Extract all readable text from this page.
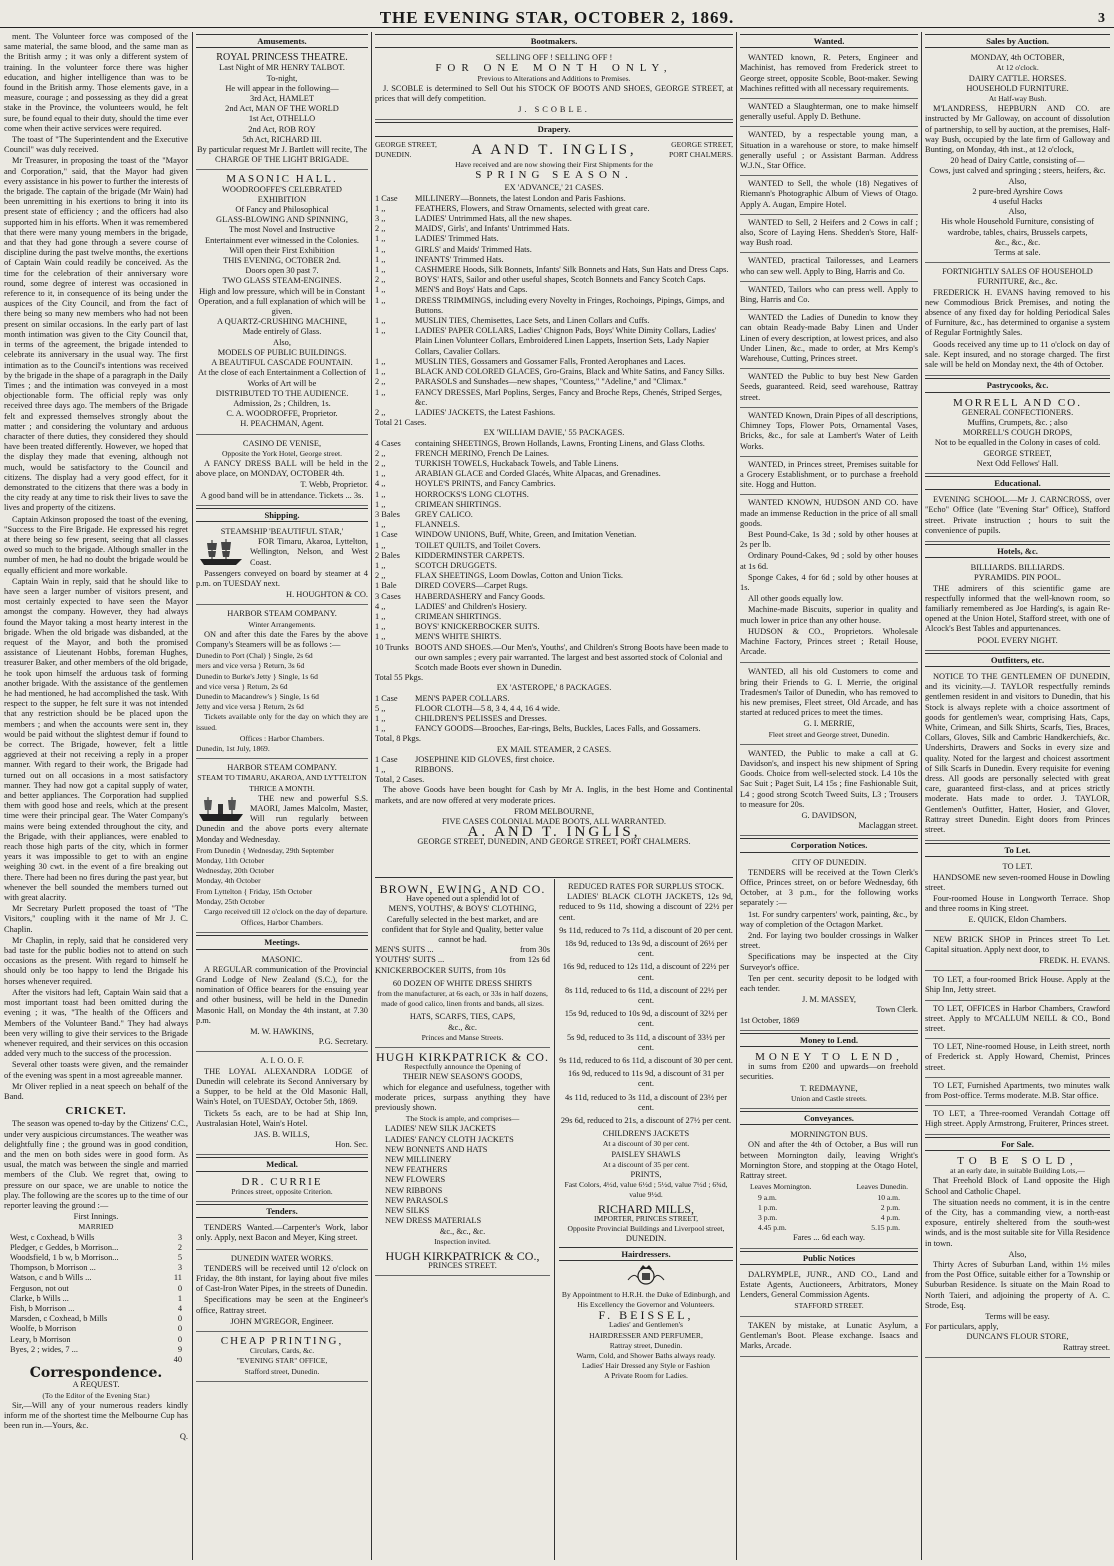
THE EVENING STAR, OCTOBER 2, 1869.	3

ment. The Volunteer force was composed of the same material, the same blood, and the same man as the British army ; it was only a different system of training. In the volunteer force there was higher education, and higher intelligence than was to be found in the British army. Those elements gave, in a measure, courage ; and possessing as they did a great stake in the Province, the volunteers would, he felt sure, be found equal to their duty, should the time ever come when their active services were required.

The toast of "The Superintendent and the Executive Council" was duly received.

Mr Treasurer, in proposing the toast of the "Mayor and Corporation," said, that the Mayor had given every assistance in his power to further the interests of the brigade. The captain of the brigade (Mr Wain) had been unremitting in his exertions to bring it into its present state of efficiency ; and the officers had also supported him in his efforts. When it was remembered that there were many young members in the brigade, and that they had gone through a severe course of discipline during the past twelve months, the exertions of Captain Wain could readily be conceived. As the time for the celebration of their anniversary wore round, some degree of interest was occasioned in reference to it, in consequence of its being under the auspices of the City Council, and from the fact of there being so many new members who had not been present on similar occasions. In the early part of last month intimation was given to the City Council that, in terms of the agreement, the brigade intended to celebrate its anniversary in the usual way. The first intimation as to the Council's intentions was received by the brigade in the shape of a paragraph in the Daily Times ; and the intimation was conveyed in a most objectionable form. The official reply was only received three days ago. The members of the Brigade felt and expressed themselves strongly about the matter ; and considering the voluntary and arduous character of there duties, they considered they should have been treated differently. However, we hoped that the display they made that evening, although not much, would be satisfactory to the Council and citizens. The display had a very good effect, for it demonstrated to the citizens that there was a body in the city ready at any time to risk their lives to save the lives and property of the citizens.

Captain Atkinson proposed the toast of the evening, "Success to the Fire Brigade. He expressed his regret at there being so few present, seeing that all classes owed so much to the brigade. Although smaller in the number of men, he had no doubt the brigade would be equally efficient and more workable.

Captain Wain in reply, said that he should like to have seen a larger number of visitors present, and most certainly expected to have seen the Mayor amongst the company. However, they had always found the Mayor taking a most hearty interest in the brigade. When the old brigade was disbanded, at the request of the Mayor, and both the promised assistance of Lieutenant Hobbs, foreman Hughes, treasurer Baker, and other members of the old brigade, he took upon himself the arduous task of forming another brigade. With the assistance of the gentlemen he had mentioned, he had accomplished the task. With respect to the supper, he felt sure it was not intended that any restriction should be be placed upon the members ; and when the accounts were sent in, they would be paid without the slightest demur if found to be correct. The Brigade, however, felt a little aggrieved at their not receiving a reply in a proper manner. With regard to their work, the Brigade had turned out on all occasions in a most satisfactory manner. They had now got a capital supply of water, and better appliances. The Corporation had supplied them with good hose and reels, which at the present time were their principal gear. The Water Company's mains were being extended throughout the city, and the Brigade, with their appliances, were enabled to reach those high parts of the city, which in former years it was impossible to get to with an engine weighing 30 cwt. in the event of a fire breaking out there. There had been no fires during the past year, but whenever the bell sounded the members turned out with great alacrity.

Mr Secretary Purlett proposed the toast of "The Visitors," coupling with it the name of Mr J. C. Chaplin.

Mr Chaplin, in reply, said that he considered very bad taste for the public bodies not to attend on such occasions as the present. With regard to himself he should only be too happy to lend the Brigade his horses whenever required.

After the visitors had left, Captain Wain said that a most important toast had been omitted during the evening ; it was, "The health of the Officers and Members of the Volunteer Band." They had always been very willing to give their services to the Brigade whenever required, and their services on this occasion added very much to the success of the procession.

Several other toasts were given, and the remainder of the evening was spent in a most agreeable manner.

Mr Oliver replied in a neat speech on behalf of the Band.

CRICKET.

The season was opened to-day by the Citizens' C.C., under very auspicious circumstances. The weather was delightfully fine ; the ground was in good condition, and the men on both sides were in good form. As usual, the match was between the single and married members of the Club. We regret that, owing to pressure on our space, we are unable to notice the play. The following are the scores up to the time of our reporter leaving the ground :—

First Innings.
MARRIED
West, c Coxhead, b Wills	3
Pledger, c Geddes, b Morrison...	2
Woodsfield, 1 b w, b Morrison...	5
Thompson, b Morrison ...	3
Watson, c and b Wills ...	11
Ferguson, not out	0
Clarke, b Wills ...	1
Fish, b Morrison ...	4
Marsden, c Coxhead, b Mills	0
Woolfe, b Morrison	0
Leary, b Morrison	0
Byes, 2 ; wides, 7 ...	9
40
Correspondence.
A REQUEST.
(To the Editor of the Evening Star.)

Sir,—Will any of your numerous readers kindly inform me of the shortest time the Melbourne Cup has been run in.—Yours, &c.

Q.
Amusements.
ROYAL PRINCESS THEATRE.
Last Night of MR HENRY TALBOT.
To-night,
He will appear in the following—
3rd Act, HAMLET
2nd Act, MAN OF THE WORLD
1st Act, OTHELLO
2nd Act, ROB ROY
5th Act, RICHARD III.
By particular request Mr J. Bartlett will recite, The
CHARGE OF THE LIGHT BRIGADE.
MASONIC HALL.
WOODROOFFE'S CELEBRATED
EXHIBITION
Of Fancy and Philosophical
GLASS-BLOWING AND SPINNING,
The most Novel and Instructive
Entertainment ever witnessed in the Colonies.
Will open their First Exhibition
THIS EVENING, OCTOBER 2nd.
Doors open 30 past 7.
TWO GLASS STEAM-ENGINES.
High and low pressure, which will be in Constant Operation, and a full explanation of which will be given.
A QUARTZ-CRUSHING MACHINE,
Made entirely of Glass.
Also,
MODELS OF PUBLIC BUILDINGS.
A BEAUTIFUL CASCADE FOUNTAIN.
At the close of each Entertainment a Collection of Works of Art will be
DISTRIBUTED TO THE AUDIENCE.
Admission, 2s ; Children, 1s.
C. A. WOODROFFE, Proprietor.
H. PEACHMAN, Agent.
CASINO DE VENISE,
Opposite the York Hotel, George street.

A FANCY DRESS BALL will be held in the above place, on MONDAY, OCTOBER 4th.

T. Webb, Proprietor.
A good band will be in attendance. Tickets ... 3s.
Shipping.
STEAMSHIP 'BEAUTIFUL STAR,'

FOR Timaru, Akaroa, Lyttelton, Wellington, Nelson, and West Coast.

Passengers conveyed on board by steamer at 4 p.m. on TUESDAY next.

H. HOUGHTON & CO.
HARBOR STEAM COMPANY.
Winter Arrangements.

ON and after this date the Fares by the above Company's Steamers will be as follows :—

Dunedin to Port (Chal) } Single, 2s 6d
mers and vice versa } Return, 3s 6d
Dunedin to Burke's Jetty } Single, 1s 6d
and vice versa } Return, 2s 6d
Dunedin to Macandrew's } Single, 1s 6d
Jetty and vice versa } Return, 2s 6d

Tickets available only for the day on which they are issued.

Offices : Harbor Chambers.
Dunedin, 1st July, 1869.
HARBOR STEAM COMPANY.
STEAM TO TIMARU, AKAROA, AND LYTTELTON
THRICE A MONTH.

THE new and powerful S.S. MAORI, James Malcolm, Master, Will run regularly between Dunedin and the above ports every alternate Monday and Wednesday.

From Dunedin { Wednesday, 29th September
Monday, 11th October
Wednesday, 20th October
Monday, 4th October
From Lyttelton { Friday, 15th October
Monday, 25th October

Cargo received till 12 o'clock on the day of departure.

Offices, Harbor Chambers.
Meetings.
MASONIC.

A REGULAR communication of the Provincial Grand Lodge of New Zealand (S.C.), for the nomination of Office bearers for the ensuing year and other business, will be held in the Dunedin Masonic Hall, on Monday the 4th instant, at 7.30 p.m.

M. W. HAWKINS,
P.G. Secretary.
A. I. O. O. F.

THE LOYAL ALEXANDRA LODGE of Dunedin will celebrate its Second Anniversary by a Supper, to be held at the Old Masonic Hall, Wain's Hotel, on TUESDAY, October 5th, 1869.

Tickets 5s each, are to be had at Ship Inn, Australasian Hotel, Wain's Hotel.

JAS. B. WILLS,
Hon. Sec.
Medical.
DR. CURRIE
Princes street, opposite Criterion.
Tenders.

TENDERS Wanted.—Carpenter's Work, labor only. Apply, next Bacon and Meyer, King street.

DUNEDIN WATER WORKS.

TENDERS will be received until 12 o'clock on Friday, the 8th instant, for laying about five miles of Cast-Iron Water Pipes, in the streets of Dunedin.

Specifications may be seen at the Engineer's office, Rattray street.

JOHN M'GREGOR, Engineer.
CHEAP PRINTING,
Circulars, Cards, &c.
"EVENING STAR" OFFICE,
Stafford street, Dunedin.
Bootmakers.
SELLING OFF ! SELLING OFF !
FOR ONE MONTH ONLY,
Previous to Alterations and Additions to Premises.

J. SCOBLE is determined to Sell Out his STOCK OF BOOTS AND SHOES, GEORGE STREET, at prices that will defy competition.

J. SCOBLE.
Drapery.
GEORGE STREET, DUNEDIN.	A AND T. INGLIS,	GEORGE STREET, PORT CHALMERS.
Have received and are now showing their First Shipments for the
SPRING SEASON.
EX 'ADVANCE,' 21 CASES.
1 Case	MILLINERY—Bonnets, the latest London and Paris Fashions.
1 ,,	FEATHERS, Flowers, and Straw Ornaments, selected with great care.
3 ,,	LADIES' Untrimmed Hats, all the new shapes.
2 ,,	MAIDS', Girls', and Infants' Untrimmed Hats.
1 ,,	LADIES' Trimmed Hats.
1 ,,	GIRLS' and Maids' Trimmed Hats.
1 ,,	INFANTS' Trimmed Hats.
1 ,,	CASHMERE Hoods, Silk Bonnets, Infants' Silk Bonnets and Hats, Sun Hats and Dress Caps.
2 ,,	BOYS' HATS, Sailor and other useful shapes, Scotch Bonnets and Fancy Scotch Caps.
1 ,,	MEN'S and Boys' Hats and Caps.
1 ,,	DRESS TRIMMINGS, including every Novelty in Fringes, Rochoings, Pipings, Gimps, and Buttons.
1 ,,	MUSLIN TIES, Chemisettes, Lace Sets, and Linen Collars and Cuffs.
1 ,,	LADIES' PAPER COLLARS, Ladies' Chignon Pads, Boys' White Dimity Collars, Ladies' Plain Linen Volunteer Collars, Embroidered Linen Lappets, Insertion Sets, Lady Napier Collars, Cavalier Collars.
1 ,,	MUSLIN TIES, Gossamers and Gossamer Falls, Fronted Aerophanes and Laces.
1 ,,	BLACK AND COLORED GLACES, Gro-Grains, Black and White Satins, and Fancy Silks.
2 ,,	PARASOLS and Sunshades—new shapes, "Countess," "Adeline," and "Climax."
1 ,,	FANCY DRESSES, Marl Poplins, Serges, Fancy and Broche Reps, Chenés, Striped Serges, &c.
2 ,,	LADIES' JACKETS, the Latest Fashions.
Total 21 Cases.
EX 'WILLIAM DAVIE,' 55 PACKAGES.
4 Cases	containing SHEETINGS, Brown Hollands, Lawns, Fronting Linens, and Glass Cloths.
2 ,,	FRENCH MERINO, French De Laines.
2 ,,	TURKISH TOWELS, Huckaback Towels, and Table Linens.
1 ,,	ARABIAN GLACE and Corded Glacés, White Alpacas, and Grenadines.
4 ,,	HOYLE'S PRINTS, and Fancy Cambrics.
1 ,,	HORROCKS'S LONG CLOTHS.
1 ,,	CRIMEAN SHIRTINGS.
3 Bales	GREY CALICO.
1 ,,	FLANNELS.
1 Case	WINDOW UNIONS, Buff, White, Green, and Imitation Venetian.
1 ,,	TOILET QUILTS, and Toilet Covers.
2 Bales	KIDDERMINSTER CARPETS.
1 ,,	SCOTCH DRUGGETS.
2 ,,	FLAX SHEETINGS, Loom Dowlas, Cotton and Union Ticks.
1 Bale	DIRED COVERS—Carpet Rugs.
3 Cases	HABERDASHERY and Fancy Goods.
4 ,,	LADIES' and Children's Hosiery.
1 ,,	CRIMEAN SHIRTINGS.
1 ,,	BOYS' KNICKERBOCKER SUITS.
1 ,,	MEN'S WHITE SHIRTS.
10 Trunks BOOTS AND SHOES.—Our Men's, Youths', and Children's Strong Boots have been made to our own samples ; every pair warranted. The largest and best assorted stock of Colonial and Scotch made Boots ever shown in Dunedin.
Total 55 Pkgs.
EX 'ASTEROPE,' 8 PACKAGES.
1 Case	MEN'S PAPER COLLARS.
5 ,,	FLOOR CLOTH—5 8, 3 4, 4 4, 16 4 wide.
1 ,,	CHILDREN'S PELISSES and Dresses.
1 ,,	FANCY GOODS—Brooches, Ear-rings, Belts, Buckles, Laces Falls, and Gossamers.
Total, 8 Pkgs.
EX MAIL STEAMER, 2 CASES.
1 Case	JOSEPHINE KID GLOVES, first choice.
1 ,,	RIBBONS.
Total, 2 Cases.

The above Goods have been bought for Cash by Mr A. Inglis, in the best Home and Continental markets, and are now offered at very moderate prices.

FROM MELBOURNE,
FIVE CASES COLONIAL MADE BOOTS, ALL WARRANTED.
A. AND T. INGLIS,
GEORGE STREET, DUNEDIN, AND GEORGE STREET, PORT CHALMERS.
BROWN, EWING, AND CO.
Have opened out a splendid lot of
MEN'S, YOUTHS', & BOYS' CLOTHING,
Carefully selected in the best market, and are confident that for Style and Quality, better value cannot be had.
MEN'S SUITS ...	from 30s
YOUTHS' SUITS ...	from 12s 6d
KNICKERBOCKER SUITS, from 10s
60 DOZEN OF WHITE DRESS SHIRTS
from the manufacturer, at 6s each, or 33s in half dozens, made of good calico, linen fronts and bands, all sizes.
HATS, SCARFS, TIES, CAPS,
&c., &c.
Princes and Manse Streets.
HUGH KIRKPATRICK & CO.
Respectfully announce the Opening of
THEIR NEW SEASON'S GOODS,

which for elegance and usefulness, together with moderate prices, surpass anything they have previously shown.

The Stock is ample, and comprises—
LADIES' NEW SILK JACKETS
LADIES' FANCY CLOTH JACKETS
NEW BONNETS AND HATS
NEW MILLINERY
NEW FEATHERS
NEW FLOWERS
NEW RIBBONS
NEW PARASOLS
NEW SILKS
NEW DRESS MATERIALS
&c., &c., &c.
Inspection invited.
HUGH KIRKPATRICK & CO.,
PRINCES STREET.
REDUCED RATES FOR SURPLUS STOCK.

LADIES' BLACK CLOTH JACKETS, 12s 9d, reduced to 9s 11d, showing a discount of 22½ per cent.

9s 11d, reduced to 7s 11d, a discount of 20 per cent.
18s 9d, reduced to 13s 9d, a discount of 26½ per cent.
16s 9d, reduced to 12s 11d, a discount of 22½ per cent.
8s 11d, reduced to 6s 11d, a discount of 22½ per cent.
15s 9d, reduced to 10s 9d, a discount of 32½ per cent.
5s 9d, reduced to 3s 11d, a discount of 33½ per cent.
9s 11d, reduced to 6s 11d, a discount of 30 per cent.
16s 9d, reduced to 11s 9d, a discount of 31 per cent.
4s 11d, reduced to 3s 11d, a discount of 23½ per cent.
29s 6d, reduced to 21s, a discount of 27½ per cent.
CHILDREN'S JACKETS
At a discount of 30 per cent.
PAISLEY SHAWLS
At a discount of 35 per cent.
PRINTS,
Fast Colors, 4½d, value 6½d ; 5½d, value 7½d ; 6¾d, value 9½d.
RICHARD MILLS,
IMPORTER, PRINCES STREET,
Opposite Provincial Buildings and Liverpool street,
DUNEDIN.
Hairdressers.
By Appointment to H.R.H. the Duke of Edinburgh, and His Excellency the Governor and Volunteers.
F. BEISSEL,
Ladies' and Gentlemen's
HAIRDRESSER AND PERFUMER,
Rattray street, Dunedin.
Warm, Cold, and Shower Baths always ready.
Ladies' Hair Dressed any Style or Fashion
A Private Room for Ladies.
Wanted.

WANTED known, R. Peters, Engineer and Machinist, has removed from Frederick street to George street, opposite Scoble, Boot-maker. Sewing Machines refitted with all necessary requirements.

WANTED a Slaughterman, one to make himself generally useful. Apply D. Bethune.

WANTED, by a respectable young man, a Situation in a warehouse or store, to make himself generally useful ; or Assistant Barman. Address W.J.N., Star Office.

WANTED to Sell, the whole (18) Negatives of Riemann's Photographic Album of Views of Otago. Apply A. Augan, Empire Hotel.

WANTED to Sell, 2 Heifers and 2 Cows in calf ; also, Score of Laying Hens. Shedden's Store, Half-way Bush road.

WANTED, practical Tailoresses, and Learners who can sew well. Apply to Bing, Harris and Co.

WANTED, Tailors who can press well. Apply to Bing, Harris and Co.

WANTED the Ladies of Dunedin to know they can obtain Ready-made Baby Linen and Under Linen of every description, at lowest prices, and also Under Linen, &c., made to order, at Mrs Kemp's Warehouse, Cutting, Princes street.

WANTED the Public to buy best New Garden Seeds, guaranteed. Reid, seed warehouse, Rattray street.

WANTED Known, Drain Pipes of all descriptions, Chimney Tops, Flower Pots, Ornamental Vases, Bricks, &c., for sale at Lambert's Water of Leith Works.

WANTED, in Princes street, Premises suitable for a Grocery Establishment, or to purchase a freehold site. Hogg and Hutton.

WANTED KNOWN, HUDSON AND CO. have made an immense Reduction in the price of all small goods.

Best Pound-Cake, 1s 3d ; sold by other houses at 2s per lb.

Ordinary Pound-Cakes, 9d ; sold by other houses at 1s 6d.

Sponge Cakes, 4 for 6d ; sold by other houses at 1s.

All other goods equally low.

Machine-made Biscuits, superior in quality and much lower in price than any other house.

HUDSON & CO., Proprietors. Wholesale Machine Factory, Princes street ; Retail House, Arcade.

WANTED, all his old Customers to come and bring their Friends to G. I. Merrie, the original Tradesmen's Tailor of Dunedin, who has removed to his new premises, Fleet street, Old Arcade, and has started at reduced prices to meet the times.

G. I. MERRIE,
Fleet street and George street, Dunedin.

WANTED, the Public to make a call at G. Davidson's, and inspect his new shipment of Spring Goods. Choice from well-selected stock. L4 10s the Sac Suit ; Paget Suit, L4 15s ; fine Fashionable Suit, L4 ; good strong Scotch Tweed Suits, L3 ; Trousers to measure for 20s.

G. DAVIDSON,
Maclaggan street.
Corporation Notices.
CITY OF DUNEDIN.

TENDERS will be received at the Town Clerk's Office, Princes street, on or before Wednesday, 6th October, at 3 p.m., for the following works separately :—

1st. For sundry carpenters' work, painting, &c., by way of completion of the Octagon Market.

2nd. For laying two boulder crossings in Walker street.

Specifications may be inspected at the City Surveyor's office.

Ten per cent. security deposit to be lodged with each tender.

J. M. MASSEY,
Town Clerk.
1st October, 1869
Money to Lend.
MONEY TO LEND,

in sums from £200 and upwards—on freehold securities.

T. REDMAYNE,
Union and Castle streets.
Conveyances.
MORNINGTON BUS.

ON and after the 4th of October, a Bus will run between Mornington daily, leaving Wright's Mornington Store, and stopping at the Otago Hotel, Rattray street.

Leaves Mornington.	Leaves Dunedin.
9 a.m.	10 a.m.
1 p.m.	2 p.m.
3 p.m.	4 p.m.
4.45 p.m.	5.15 p.m.
Fares ... 6d each way.
Public Notices

DALRYMPLE, JUNR., AND CO., Land and Estate Agents, Auctioneers, Arbitrators, Money Lenders, General Commission Agents.

STAFFORD STREET.

TAKEN by mistake, at Lunatic Asylum, a Gentleman's Boot. Please exchange. Isaacs and Marks, Arcade.

Sales by Auction.
MONDAY, 4th OCTOBER,
At 12 o'clock.
DAIRY CATTLE. HORSES.
HOUSEHOLD FURNITURE.
At Half-way Bush.

M'LANDRESS, HEPBURN AND CO. are instructed by Mr Galloway, on account of dissolution of partnership, to sell by auction, at the premises, Half-way Bush, occupied by the late firm of Galloway and Bunting, on Monday, 4th inst., at 12 o'clock,

20 head of Dairy Cattle, consisting of—
Cows, just calved and springing ; steers, heifers, &c.
Also,
2 pure-bred Ayrshire Cows
4 useful Hacks
Also,
His whole Household Furniture, consisting of wardrobe, tables, chairs, Brussels carpets,
&c., &c., &c.
Terms at sale.
FORTNIGHTLY SALES OF HOUSEHOLD FURNITURE, &c., &c.

FREDERICK H. EVANS having removed to his new Commodious Brick Premises, and noting the absence of any fixed day for holding Periodical Sales of Furniture, &c., has determined to organise a system of Regular Fortnightly Sales.

Goods received any time up to 11 o'clock on day of sale. Kept insured, and no storage charged. The first sale will be held on Monday next, the 4th of October.

Pastrycooks, &c.
MORRELL AND CO.
GENERAL CONFECTIONERS.
Muffins, Crumpets, &c. ; also
MORRELL'S COUGH DROPS,
Not to be equalled in the Colony in cases of cold.
GEORGE STREET,
Next Odd Fellows' Hall.
Educational.

EVENING SCHOOL.—Mr J. CARNCROSS, over "Echo" Office (late "Evening Star" Office), Stafford street. Private instruction ; hours to suit the convenience of pupils.

Hotels, &c.
BILLIARDS. BILLIARDS.
PYRAMIDS. PIN POOL.

THE admirers of this scientific game are respectfully informed that the well-known room, so familiarly remembered as Joe Harding's, is again Re-opened at the Union Hotel, Stafford street, with one of Alcock's Best Tables and appurtenances.

POOL EVERY NIGHT.
Outfitters, etc.

NOTICE TO THE GENTLEMEN OF DUNEDIN, and its vicinity.—J. TAYLOR respectfully reminds gentlemen resident in and visitors to Dunedin, that his Stock is always replete with a choice assortment of goods for gentlemen's wear, comprising Hats, Caps, White, Crimean, and Silk Shirts, Scarfs, Ties, Braces, Collars, Gloves, Silk and Cambric Handkerchiefs, &c. Undershirts, Drawers and Socks in every size and quality. Noted for the largest and choicest assortment of Silk Scarfs in Dunedin. Every requisite for evening dress. All goods are personally selected with great care, guaranteed first-class, and at prices strictly moderate. Hats made to order. J. TAYLOR, Gentlemen's Outfitter, Hatter, Hosier, and Glover, Rattray street Dunedin. Eight doors from Princes street.

To Let.
TO LET.

HANDSOME new seven-roomed House in Dowling street.

Four-roomed House in Longworth Terrace. Shop and three rooms in King street.

E. QUICK, Eldon Chambers.

NEW BRICK SHOP in Princes street To Let. Capital situation. Apply next door, to

FREDK. H. EVANS.

TO LET, a four-roomed Brick House. Apply at the Ship Inn, Jetty street.

TO LET, OFFICES in Harbor Chambers, Crawford street. Apply to M'CALLUM NEILL & CO., Bond street.

TO LET, Nine-roomed House, in Leith street, north of Frederick st. Apply Howard, Chemist, Princes street.

TO LET, Furnished Apartments, two minutes walk from Post-office. Terms moderate. M.B. Star office.

TO LET, a Three-roomed Verandah Cottage off High street. Apply Armstrong, Fruiterer, Princes street.

For Sale.
TO BE SOLD,
at an early date, in suitable Building Lots,—

That Freehold Block of Land opposite the High School and Catholic Chapel.

The situation needs no comment, it is in the centre of the City, has a commanding view, a north-east exposure, entirely sheltered from the south-west winds, and is the most suitable site for Villa Residence in town.

Also,

Thirty Acres of Suburban Land, within 1½ miles from the Post Office, suitable either for a Township or Suburban Residence. Is situate on the Main Road to North Taieri, and adjoining the property of A. C. Strode, Esq.

Terms will be easy.
For particulars, apply,
DUNCAN'S FLOUR STORE,
Rattray street.
